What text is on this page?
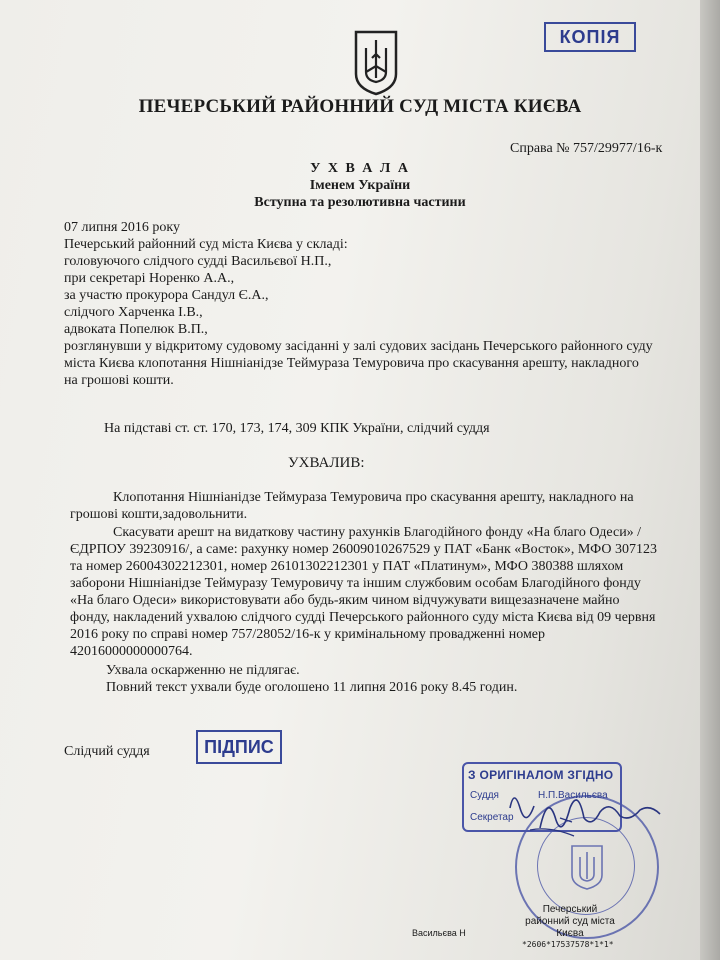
КОПІЯ
ПЕЧЕРСЬКИЙ РАЙОННИЙ СУД МІСТА КИЄВА
Справа № 757/29977/16-к
У Х В А Л А
Іменем України
Вступна та резолютивна частини
07 липня 2016 року
Печерський районний суд міста Києва у складі:
головуючого слідчого судді Васильєвої Н.П.,
при секретарі Норенко А.А.,
за участю прокурора Сандул Є.А.,
слідчого Харченка І.В.,
адвоката Попелюк В.П.,
розглянувши у відкритому судовому засіданні у залі судових засідань Печерського районного суду
міста Києва клопотання Нішніанідзе Теймураза Темуровича про скасування арешту, накладного
на грошові кошти.
На підставі ст. ст. 170, 173, 174, 309 КПК України, слідчий суддя
УХВАЛИВ:
Клопотання Нішніанідзе Теймураза Темуровича про скасування арешту, накладного на
грошові кошти,задовольнити.
Скасувати арешт на видаткову частину рахунків Благодійного фонду «На благо Одеси» /
ЄДРПОУ 39230916/, а саме: рахунку номер 26009010267529 у ПАТ «Банк «Восток», МФО 307123
та номер 26004302212301, номер 26101302212301 у ПАТ «Платинум», МФО 380388 шляхом
заборони Нішніанідзе Теймуразу Темуровичу та іншим службовим особам Благодійного фонду
«На благо Одеси» використовувати або будь-яким чином відчужувати вищезазначене майно
фонду, накладений ухвалою слідчого судді Печерського районного суду міста Києва від 09 червня
2016 року по справі номер 757/28052/16-к у кримінальному провадженні номер
42016000000000764.
Ухвала оскарженню не підлягає.
Повний текст ухвали буде оголошено 11 липня 2016 року 8.45 годин.
Слідчий суддя	ПІДПИС
З ОРИГІНАЛОМ ЗГІДНО
Суддя	Н.П.Васильєва
Секретар
Печерський районний суд міста Києва
Васильєва Н
*2606*17537578*1*1*
